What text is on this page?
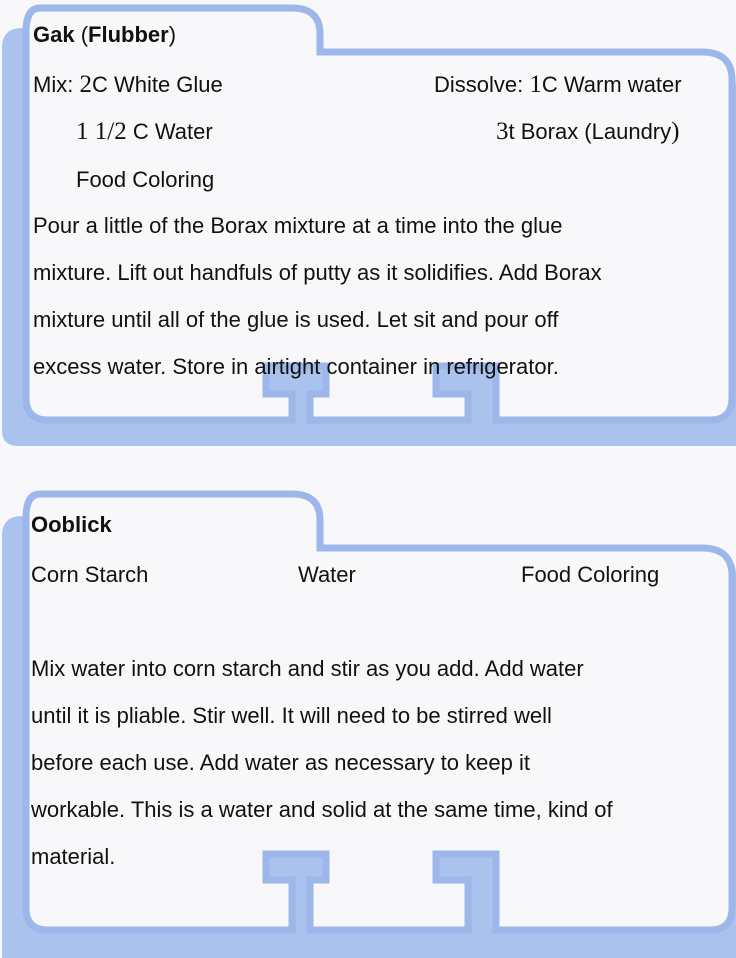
Gak (Flubber)
Mix: 2C White Glue
1 1/2 C Water
Food Coloring
Dissolve: 1C Warm water
3t Borax (Laundry)
Pour a little of the Borax mixture at a time into the glue
mixture. Lift out handfuls of putty as it solidifies. Add Borax
mixture until all of the glue is used. Let sit and pour off
excess water. Store in airtight container in refrigerator.
Ooblick
Corn Starch	Water	Food Coloring
Mix water into corn starch and stir as you add. Add water
until it is pliable. Stir well. It will need to be stirred well
before each use. Add water as necessary to keep it
workable. This is a water and solid at the same time, kind of
material.
